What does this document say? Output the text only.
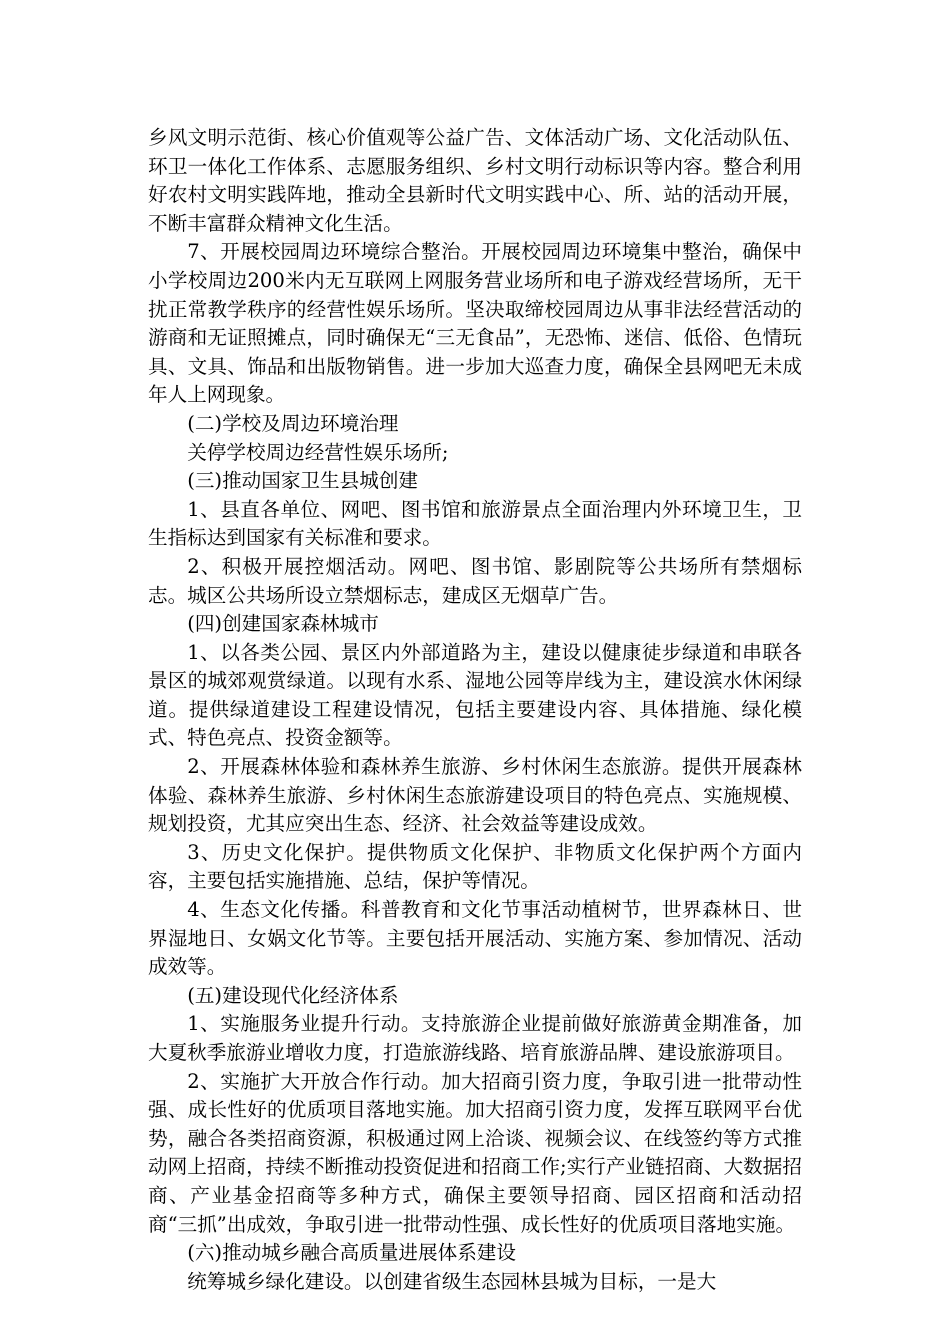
乡风文明示范街、核心价值观等公益广告、文体活动广场、文化活动队伍、环卫一体化工作体系、志愿服务组织、乡村文明行动标识等内容。整合利用好农村文明实践阵地，推动全县新时代文明实践中心、所、站的活动开展，不断丰富群众精神文化生活。

7、开展校园周边环境综合整治。开展校园周边环境集中整治，确保中小学校周边200米内无互联网上网服务营业场所和电子游戏经营场所，无干扰正常教学秩序的经营性娱乐场所。坚决取缔校园周边从事非法经营活动的游商和无证照摊点，同时确保无“三无食品”，无恐怖、迷信、低俗、色情玩具、文具、饰品和出版物销售。进一步加大巡查力度，确保全县网吧无未成年人上网现象。

(二)学校及周边环境治理

关停学校周边经营性娱乐场所;

(三)推动国家卫生县城创建

1、县直各单位、网吧、图书馆和旅游景点全面治理内外环境卫生，卫生指标达到国家有关标准和要求。

2、积极开展控烟活动。网吧、图书馆、影剧院等公共场所有禁烟标志。城区公共场所设立禁烟标志，建成区无烟草广告。

(四)创建国家森林城市

1、以各类公园、景区内外部道路为主，建设以健康徒步绿道和串联各景区的城郊观赏绿道。以现有水系、湿地公园等岸线为主，建设滨水休闲绿道。提供绿道建设工程建设情况，包括主要建设内容、具体措施、绿化模式、特色亮点、投资金额等。

2、开展森林体验和森林养生旅游、乡村休闲生态旅游。提供开展森林体验、森林养生旅游、乡村休闲生态旅游建设项目的特色亮点、实施规模、规划投资，尤其应突出生态、经济、社会效益等建设成效。

3、历史文化保护。提供物质文化保护、非物质文化保护两个方面内容，主要包括实施措施、总结，保护等情况。

4、生态文化传播。科普教育和文化节事活动植树节，世界森林日、世界湿地日、女娲文化节等。主要包括开展活动、实施方案、参加情况、活动成效等。

(五)建设现代化经济体系

1、实施服务业提升行动。支持旅游企业提前做好旅游黄金期准备，加大夏秋季旅游业增收力度，打造旅游线路、培育旅游品牌、建设旅游项目。

2、实施扩大开放合作行动。加大招商引资力度，争取引进一批带动性强、成长性好的优质项目落地实施。加大招商引资力度，发挥互联网平台优势，融合各类招商资源，积极通过网上洽谈、视频会议、在线签约等方式推动网上招商，持续不断推动投资促进和招商工作;实行产业链招商、大数据招商、产业基金招商等多种方式，确保主要领导招商、园区招商和活动招商“三抓”出成效，争取引进一批带动性强、成长性好的优质项目落地实施。

(六)推动城乡融合高质量进展体系建设

统筹城乡绿化建设。以创建省级生态园林县城为目标，一是大
